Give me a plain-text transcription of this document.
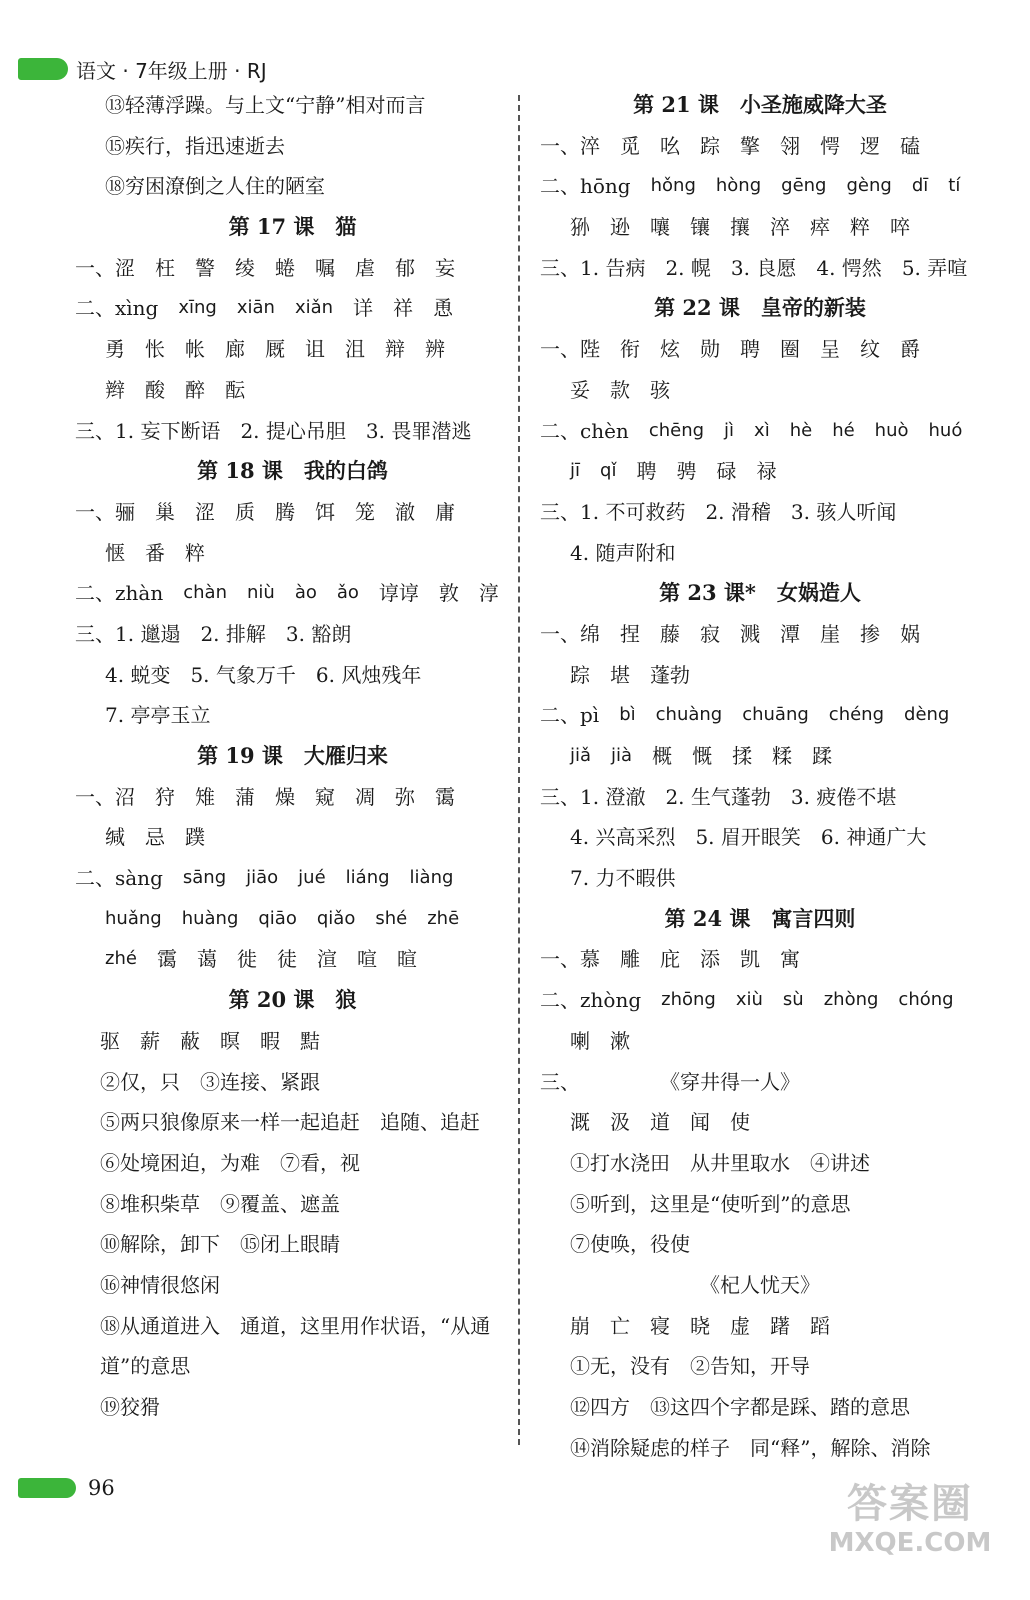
语文 · 7年级上册 · RJ
⑬轻薄浮躁。与上文“宁静”相对而言
⑮疾行，指迅速逝去
⑱穷困潦倒之人住的陋室
第 17 课　猫
一、涩 枉 警 绫 蜷 嘱 虐 郁 妄
二、xìng xīng xiān xiǎn 详 祥 恿
勇 怅 帐 廊 厩 诅 沮 辩 辨
辫 酸 醉 酝
三、1. 妄下断语 2. 提心吊胆 3. 畏罪潜逃
第 18 课　我的白鸽
一、骊 巢 涩 质 腾 饵 笼 澈 庸
惬 番 粹
二、zhàn chàn niù ào ǎo 谆谆 敦 淳
三、1. 邋遢 2. 排解 3. 豁朗
4. 蜕变 5. 气象万千 6. 风烛残年
7. 亭亭玉立
第 19 课　大雁归来
一、沼 狩 雉 蒲 燥 窥 凋 弥 霭
缄 忌 蹼
二、sàng sāng jiāo jué liáng liàng
huǎng huàng qiāo qiǎo shé zhē
zhé 霭 蔼 徙 徒 渲 喧 暄
第 20 课　狼
驱 薪 蔽 暝 暇 黠
②仅，只 ③连接、紧跟
⑤两只狼像原来一样一起追赶 追随、追赶
⑥处境困迫，为难 ⑦看，视
⑧堆积柴草 ⑨覆盖、遮盖
⑩解除，卸下 ⑮闭上眼睛
⑯神情很悠闲
⑱从通道进入 通道，这里用作状语，“从通
道”的意思
⑲狡猾
第 21 课　小圣施威降大圣
一、淬 觅 吆 踪 擎 翎 愕 逻 磕
二、hōng hǒng hòng gēng gèng dī tí
狲 逊 嚷 镶 攘 淬 瘁 粹 啐
三、1. 告病 2. 幌 3. 良愿 4. 愕然 5. 弄喧
第 22 课　皇帝的新装
一、陛 衔 炫 勋 聘 圈 呈 纹 爵
妥 款 骇
二、chèn chēng jì xì hè hé huò huó
jī qǐ 聘 骋 碌 禄
三、1. 不可救药 2. 滑稽 3. 骇人听闻
4. 随声附和
第 23 课*　女娲造人
一、绵 捏 藤 寂 溅 潭 崖 掺 娲
踪 堪 蓬勃
二、pì bì chuàng chuāng chéng dèng
jiǎ jià 概 慨 揉 糅 蹂
三、1. 澄澈 2. 生气蓬勃 3. 疲倦不堪
4. 兴高采烈 5. 眉开眼笑 6. 神通广大
7. 力不暇供
第 24 课　寓言四则
一、慕 雕 庇 添 凯 寓
二、zhòng zhōng xiù sù zhòng chóng
喇 漱
三、　　　　　《穿井得一人》
溉 汲 道 闻 使
①打水浇田 从井里取水 ④讲述
⑤听到，这里是“使听到”的意思
⑦使唤，役使
《杞人忧天》
崩 亡 寝 晓 虚 躇 蹈
①无，没有 ②告知，开导
⑫四方 ⑬这四个字都是踩、踏的意思
⑭消除疑虑的样子 同“释”，解除、消除
96	答案圈
MXQE.COM
